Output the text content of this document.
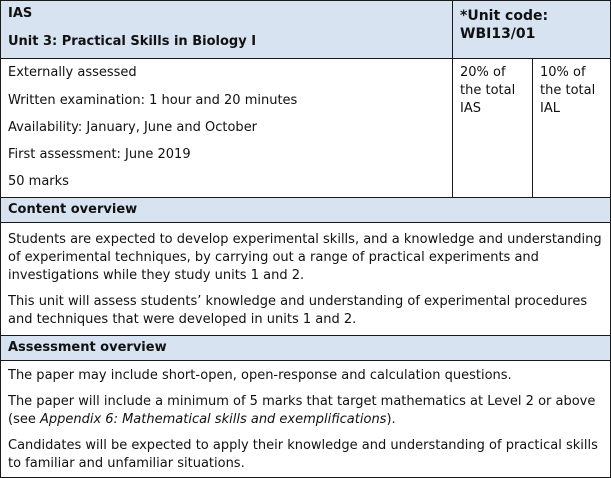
IAS
Unit 3: Practical Skills in Biology I
*Unit code:
WBI13/01
Externally assessed
Written examination: 1 hour and 20 minutes
Availability: January, June and October
First assessment: June 2019
50 marks
20% of the total IAS
10% of the total IAL
Content overview
Students are expected to develop experimental skills, and a knowledge and understanding of experimental techniques, by carrying out a range of practical experiments and investigations while they study units 1 and 2.
This unit will assess students’ knowledge and understanding of experimental procedures and techniques that were developed in units 1 and 2.
Assessment overview
The paper may include short-open, open-response and calculation questions.
The paper will include a minimum of 5 marks that target mathematics at Level 2 or above (see Appendix 6: Mathematical skills and exemplifications).
Candidates will be expected to apply their knowledge and understanding of practical skills to familiar and unfamiliar situations.
